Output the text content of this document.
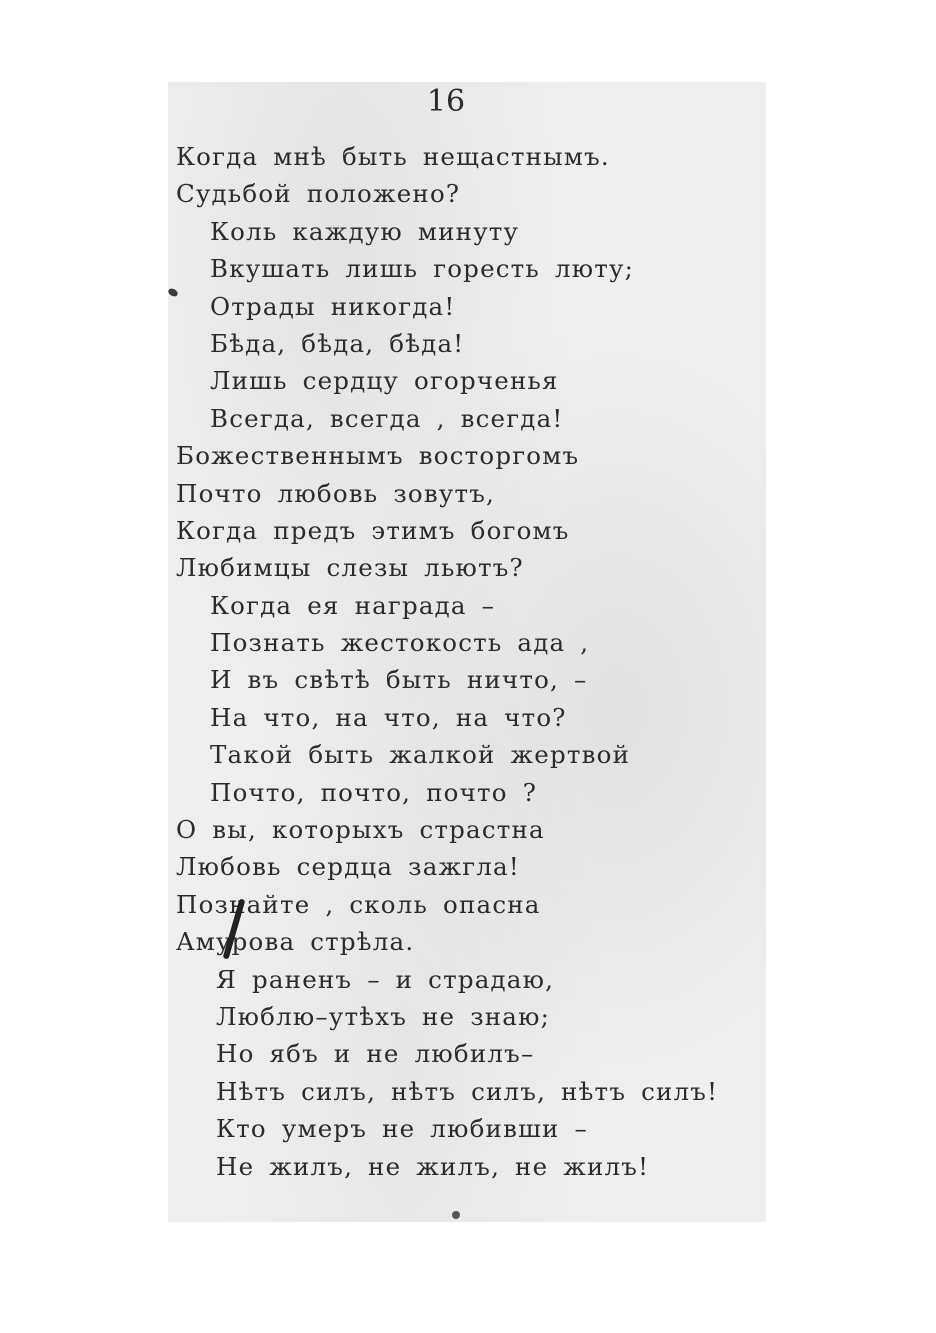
16
Когда мнѣ быть нещастнымъ.
Судьбой положено?
Коль каждую минуту
Вкушать лишь горесть люту;
Отрады никогда!
Бѣда, бѣда, бѣда!
Лишь сердцу огорченья
Всегда, всегда , всегда!
Божественнымъ восторгомъ
Почто любовь зовутъ,
Когда предъ этимъ богомъ
Любимцы слезы льютъ?
Когда ея награда –
Познать жестокость ада ,
И въ свѣтѣ быть ничто, –
На что, на что, на что?
Такой быть жалкой жертвой
Почто, почто, почто ?
О вы, которыхъ страстна
Любовь сердца зажгла!
Познайте , сколь опасна
Амурова стрѣла.
Я раненъ – и страдаю,
Люблю–утѣхъ не знаю;
Но ябъ и не любилъ–
Нѣтъ силъ, нѣтъ силъ, нѣтъ силъ!
Кто умеръ не любивши –
Не жилъ, не жилъ, не жилъ!
